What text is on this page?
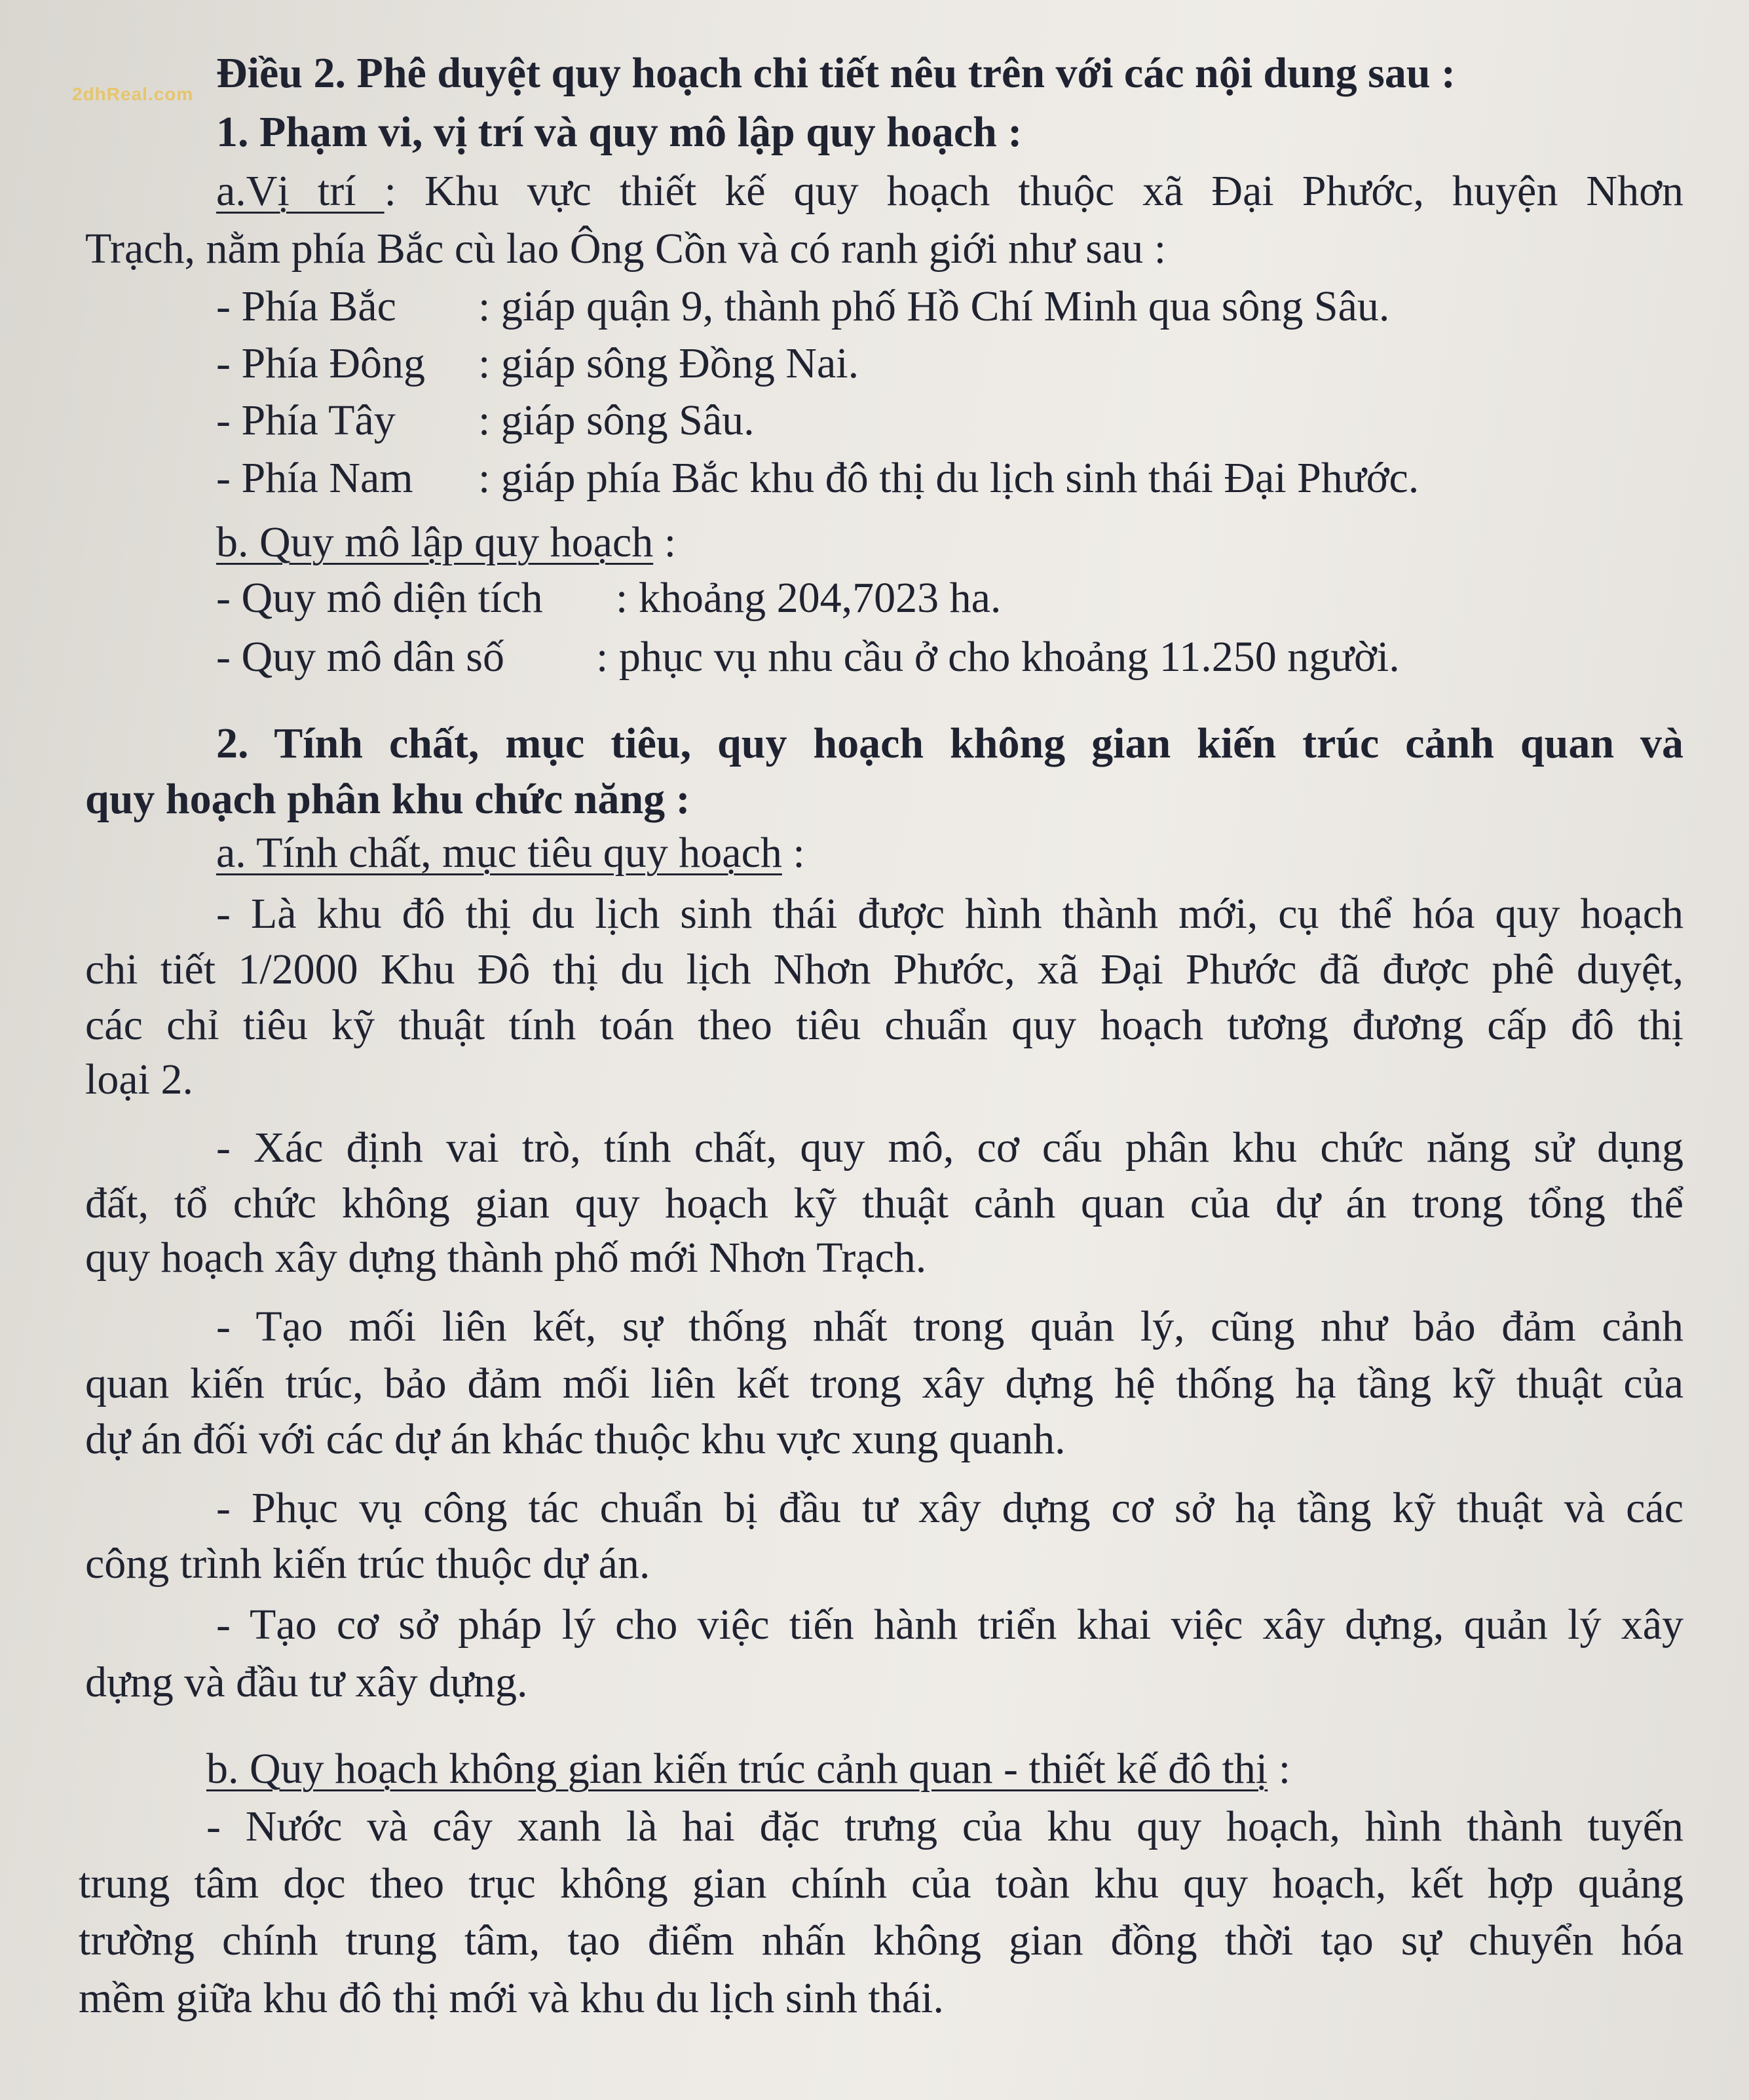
2dhReal.com Điều 2. Phê duyệt quy hoạch chi tiết nêu trên với các nội dung sau :

1. Phạm vi, vị trí và quy mô lập quy hoạch :

a.Vị trí : Khu vực thiết kế quy hoạch thuộc xã Đại Phước, huyện Nhơn

Trạch, nằm phía Bắc cù lao Ông Cồn và có ranh giới như sau :

- Phía Bắc : giáp quận 9, thành phố Hồ Chí Minh qua sông Sâu.
- Phía Đông : giáp sông Đồng Nai.
- Phía Tây : giáp sông Sâu.
- Phía Nam : giáp phía Bắc khu đô thị du lịch sinh thái Đại Phước.

b. Quy mô lập quy hoạch :

- Quy mô diện tích : khoảng 204,7023 ha.
- Quy mô dân số : phục vụ nhu cầu ở cho khoảng 11.250 người.

2. Tính chất, mục tiêu, quy hoạch không gian kiến trúc cảnh quan và

quy hoạch phân khu chức năng :

a. Tính chất, mục tiêu quy hoạch :

- Là khu đô thị du lịch sinh thái được hình thành mới, cụ thể hóa quy hoạch

chi tiết 1/2000 Khu Đô thị du lịch Nhơn Phước, xã Đại Phước đã được phê duyệt,

các chỉ tiêu kỹ thuật tính toán theo tiêu chuẩn quy hoạch tương đương cấp đô thị

loại 2.

- Xác định vai trò, tính chất, quy mô, cơ cấu phân khu chức năng sử dụng

đất, tổ chức không gian quy hoạch kỹ thuật cảnh quan của dự án trong tổng thể

quy hoạch xây dựng thành phố mới Nhơn Trạch.

- Tạo mối liên kết, sự thống nhất trong quản lý, cũng như bảo đảm cảnh

quan kiến trúc, bảo đảm mối liên kết trong xây dựng hệ thống hạ tầng kỹ thuật của

dự án đối với các dự án khác thuộc khu vực xung quanh.

- Phục vụ công tác chuẩn bị đầu tư xây dựng cơ sở hạ tầng kỹ thuật và các

công trình kiến trúc thuộc dự án.

- Tạo cơ sở pháp lý cho việc tiến hành triển khai việc xây dựng, quản lý xây

dựng và đầu tư xây dựng.

b. Quy hoạch không gian kiến trúc cảnh quan - thiết kế đô thị :

- Nước và cây xanh là hai đặc trưng của khu quy hoạch, hình thành tuyến

trung tâm dọc theo trục không gian chính của toàn khu quy hoạch, kết hợp quảng

trường chính trung tâm, tạo điểm nhấn không gian đồng thời tạo sự chuyển hóa

mềm giữa khu đô thị mới và khu du lịch sinh thái.
